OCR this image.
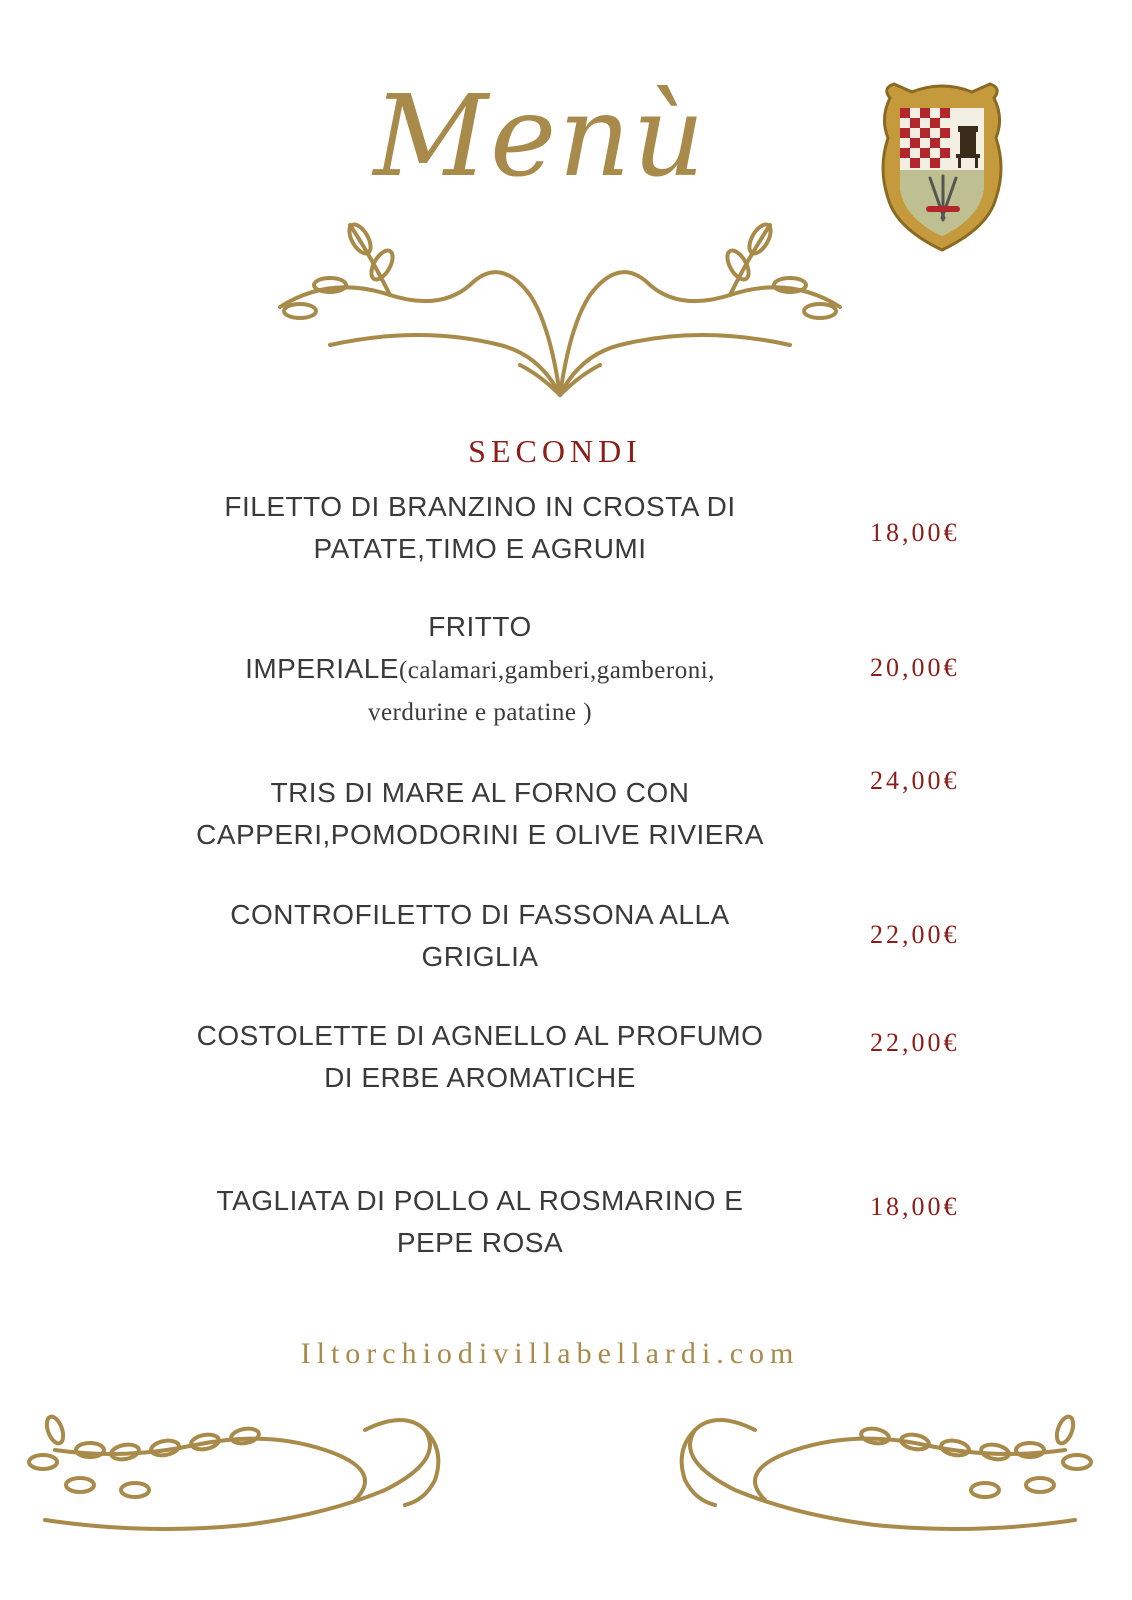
Menù
SECONDI
FILETTO DI BRANZINO IN CROSTA DI
PATATE,TIMO E AGRUMI
18,00€
FRITTO
IMPERIALE(calamari,gamberi,gamberoni,
verdurine e patatine )
20,00€
TRIS DI MARE AL FORNO CON
CAPPERI,POMODORINI E OLIVE RIVIERA
24,00€
CONTROFILETTO DI FASSONA ALLA
GRIGLIA
22,00€
COSTOLETTE DI AGNELLO AL PROFUMO
DI ERBE AROMATICHE
22,00€
TAGLIATA DI POLLO AL ROSMARINO E
PEPE ROSA
18,00€
Iltorchiodivillabellardi.com
